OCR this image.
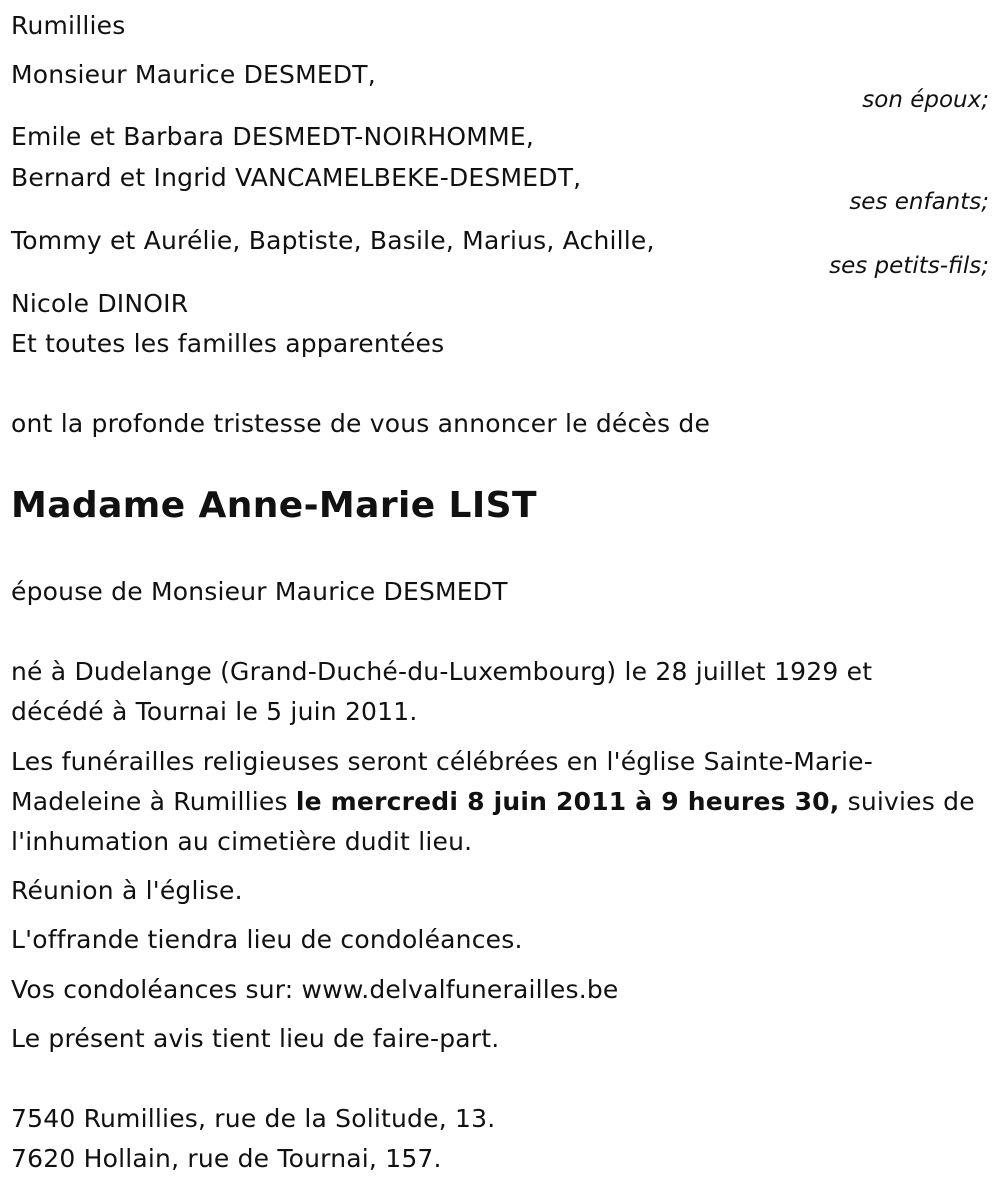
Rumillies
Monsieur Maurice DESMEDT,
son époux;
Emile et Barbara DESMEDT-NOIRHOMME,
Bernard et Ingrid VANCAMELBEKE-DESMEDT,
ses enfants;
Tommy et Aurélie, Baptiste, Basile, Marius, Achille,
ses petits-fils;
Nicole DINOIR
Et toutes les familles apparentées
ont la profonde tristesse de vous annoncer le décès de
Madame Anne-Marie LIST
épouse de Monsieur Maurice DESMEDT
né à Dudelange (Grand-Duché-du-Luxembourg) le 28 juillet 1929 et
décédé à Tournai le 5 juin 2011.
Les funérailles religieuses seront célébrées en l'église Sainte-Marie-
Madeleine à Rumillies le mercredi 8 juin 2011 à 9 heures 30, suivies de
l'inhumation au cimetière dudit lieu.
Réunion à l'église.
L'offrande tiendra lieu de condoléances.
Vos condoléances sur: www.delvalfunerailles.be
Le présent avis tient lieu de faire-part.
7540 Rumillies, rue de la Solitude, 13.
7620 Hollain, rue de Tournai, 157.
